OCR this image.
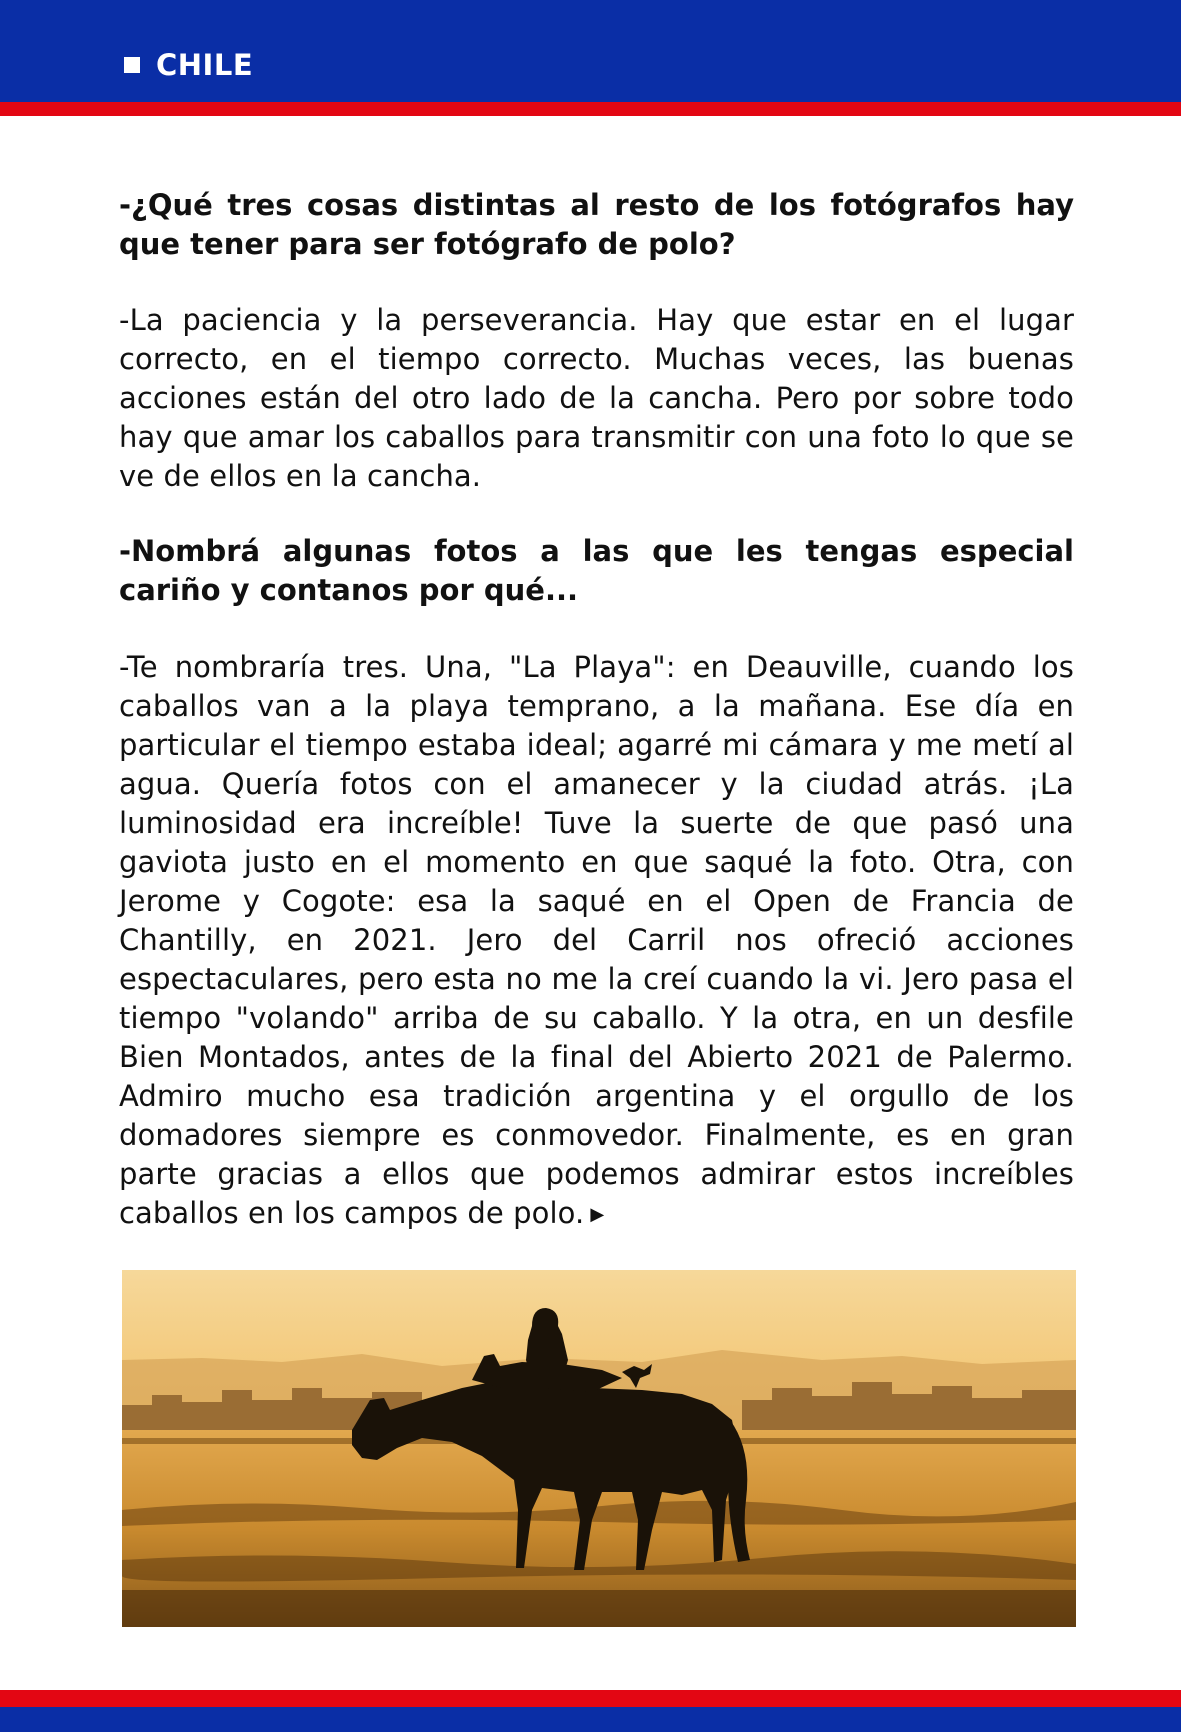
CHILE

-¿Qué tres cosas distintas al resto de los fotógrafos hay que tener para ser fotógrafo de polo?

-La paciencia y la perseverancia. Hay que estar en el lugar correcto, en el tiempo correcto. Muchas veces, las buenas acciones están del otro lado de la cancha. Pero por sobre todo hay que amar los caballos para transmitir con una foto lo que se ve de ellos en la cancha.

-Nombrá algunas fotos a las que les tengas especial cariño y contanos por qué...

-Te nombraría tres. Una, "La Playa": en Deauville, cuando los caballos van a la playa temprano, a la mañana. Ese día en particular el tiempo estaba ideal; agarré mi cámara y me metí al agua. Quería fotos con el amanecer y la ciudad atrás. ¡La luminosidad era increíble! Tuve la suerte de que pasó una gaviota justo en el momento en que saqué la foto. Otra, con Jerome y Cogote: esa la saqué en el Open de Francia de Chantilly, en 2021. Jero del Carril nos ofreció acciones espectaculares, pero esta no me la creí cuando la vi. Jero pasa el tiempo "volando" arriba de su caballo. Y la otra, en un desfile Bien Montados, antes de la final del Abierto 2021 de Palermo. Admiro mucho esa tradición argentina y el orgullo de los domadores siempre es conmovedor. Finalmente, es en gran parte gracias a ellos que podemos admirar estos increíbles caballos en los campos de polo. ▶
